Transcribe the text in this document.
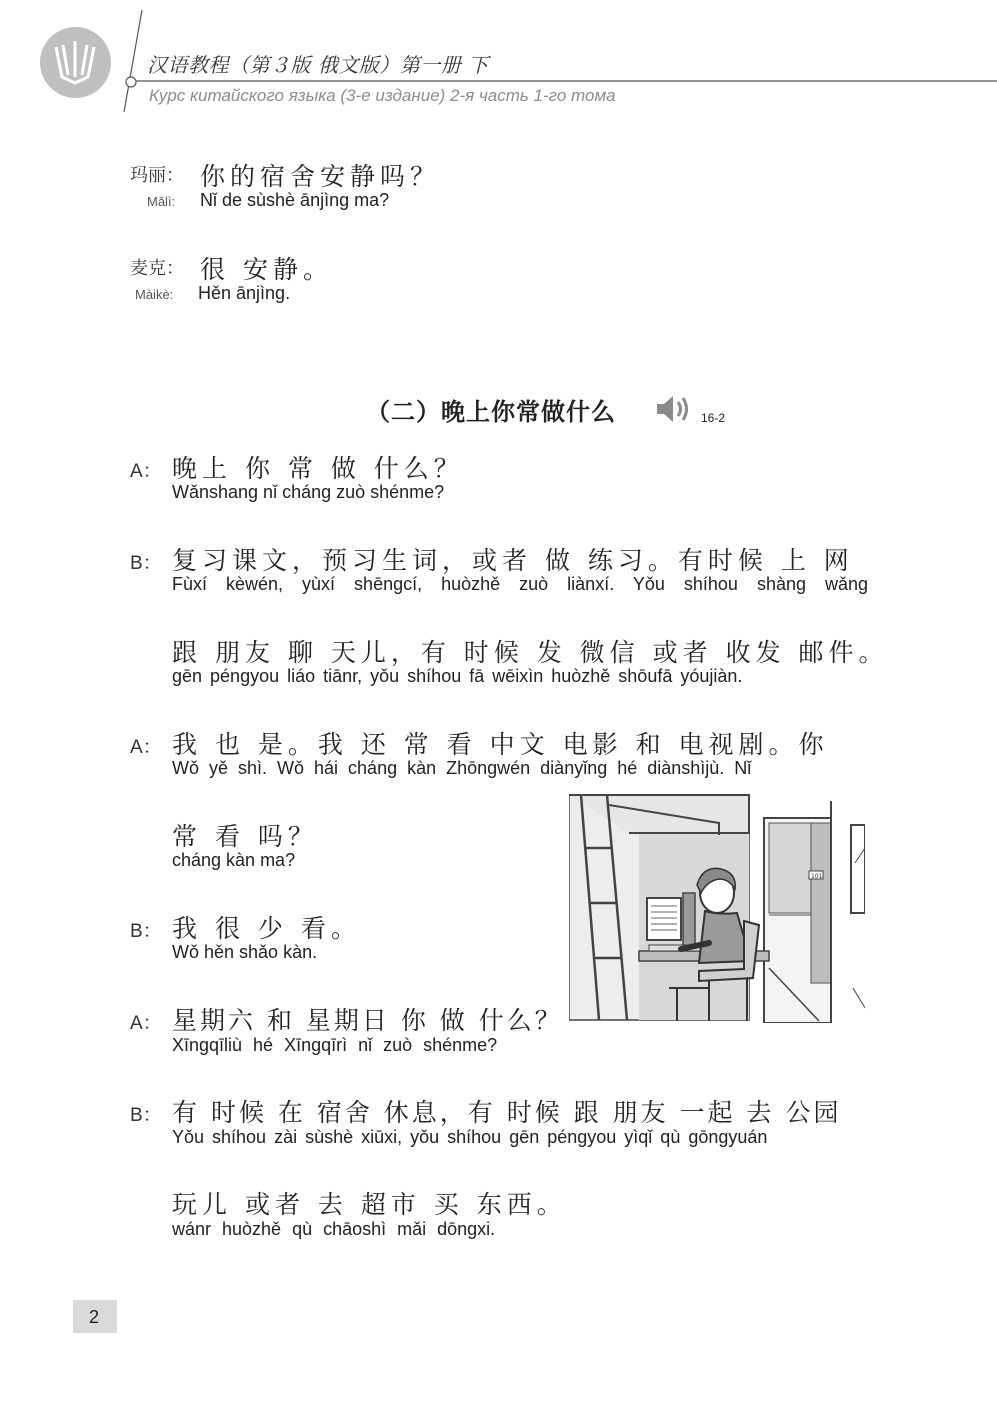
汉语教程（第３版 俄文版）第一册 下
Курс китайского языка (3-е издание) 2-я часть 1-го тома
玛丽：
Mǎlì:
你的宿舍安静吗？
Nǐ de sùshè ānjìng ma?
麦克：
Màikè:
很 安静。
Hěn ānjìng.
（二）晚上你常做什么	16-2
A： 晚上 你 常 做 什么？
Wǎnshang nǐ cháng zuò shénme?
B： 复习课文，预习生词，或者 做 练习。有时候 上 网
Fùxí kèwén, yùxí shēngcí, huòzhě zuò liànxí. Yǒu shíhou shàng wǎng
跟 朋友 聊 天儿，有 时候 发 微信 或者 收发 邮件。
gēn péngyou liáo tiānr, yǒu shíhou fā wēixìn huòzhě shōufā yóujiàn.
A： 我 也 是。我 还 常 看 中文 电影 和 电视剧。你
Wǒ yě shì. Wǒ hái cháng kàn Zhōngwén diànyǐng hé diànshìjù. Nǐ
常 看 吗？
cháng kàn ma?
B： 我 很 少 看。
Wǒ hěn shǎo kàn.
A： 星期六 和 星期日 你 做 什么？
Xīngqīliù hé Xīngqīrì nǐ zuò shénme?
B： 有 时候 在 宿舍 休息，有 时候 跟 朋友 一起 去 公园
Yǒu shíhou zài sùshè xiūxi, yǒu shíhou gēn péngyou yìqǐ qù gōngyuán
玩儿 或者 去 超市 买 东西。
wánr huòzhě qù chāoshì mǎi dōngxi.
101
2
